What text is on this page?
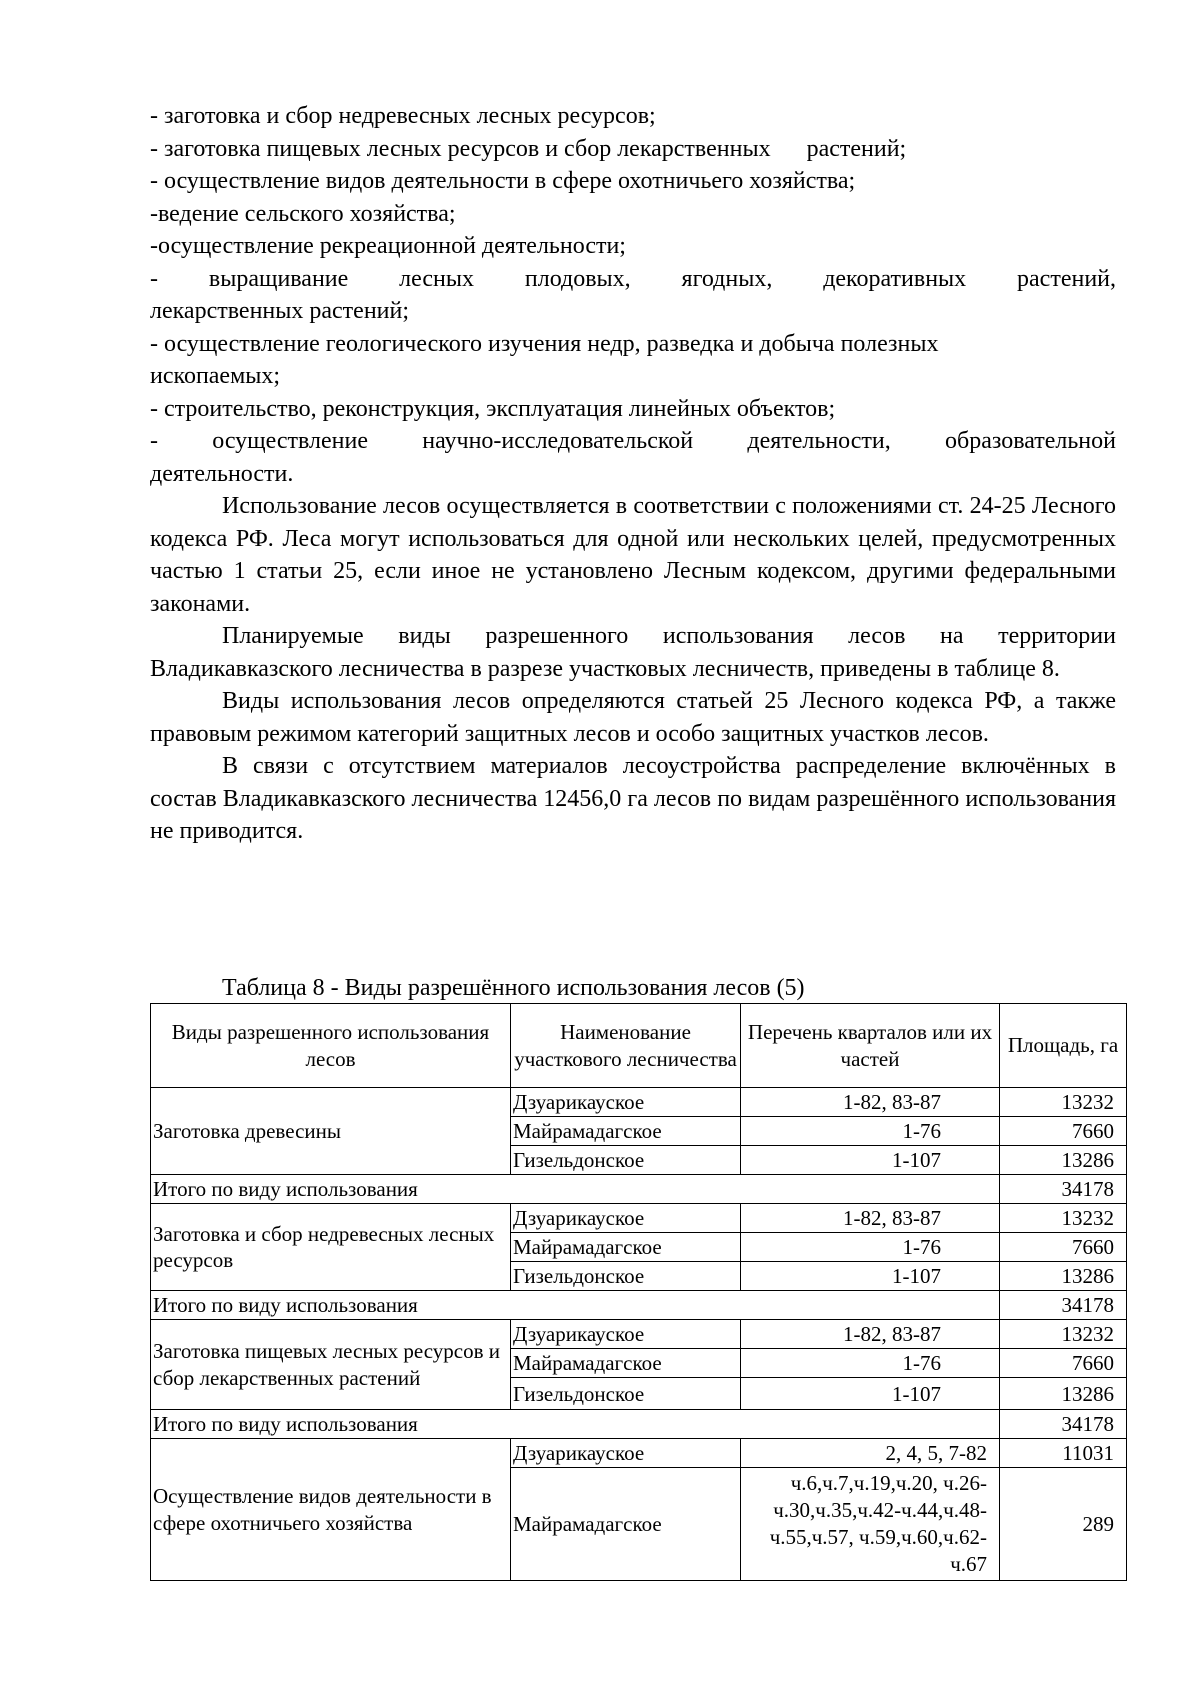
- заготовка и сбор недревесных лесных ресурсов;

- заготовка пищевых лесных ресурсов и сбор лекарственных      растений;

- осуществление видов деятельности в сфере охотничьего хозяйства;

-ведение сельского хозяйства;

-осуществление рекреационной деятельности;

- выращивание лесных плодовых, ягодных, декоративных растений,

лекарственных растений;

- осуществление геологического изучения недр, разведка и добыча полезных

ископаемых;

- строительство, реконструкция, эксплуатация линейных объектов;

- осуществление научно-исследовательской деятельности, образовательной

деятельности.

Использование лесов осуществляется в соответствии с положениями ст. 24-25 Лесного кодекса РФ. Леса могут использоваться для одной или нескольких целей, предусмотренных частью 1 статьи 25, если иное не установлено Лесным кодексом, другими федеральными законами.

Планируемые виды разрешенного использования лесов на территории Владикавказского лесничества в разрезе участковых лесничеств, приведены в таблице 8.

Виды использования лесов определяются статьей 25 Лесного кодекса РФ, а также правовым режимом категорий защитных лесов и особо защитных участков лесов.

В связи с отсутствием материалов лесоустройства распределение включённых в состав Владикавказского лесничества 12456,0 га лесов по видам разрешённого использования не приводится.

Таблица 8 - Виды разрешённого использования лесов (5)

Виды разрешенного использования лесов	Наименование участкового лесничества	Перечень кварталов или их частей	Площадь, га
Заготовка древесины	Дзуарикауское	1-82, 83-87	13232
	Майрамадагское	1-76	7660
	Гизельдонское	1-107	13286
Итого по виду использования			34178
Заготовка и сбор недревесных лесных ресурсов	Дзуарикауское	1-82, 83-87	13232
	Майрамадагское	1-76	7660
	Гизельдонское	1-107	13286
Итого по виду использования			34178
Заготовка пищевых лесных ресурсов и сбор лекарственных растений	Дзуарикауское	1-82, 83-87	13232
	Майрамадагское	1-76	7660
	Гизельдонское	1-107	13286
Итого по виду использования			34178
Осуществление видов деятельности в сфере охотничьего хозяйства	Дзуарикауское	2, 4, 5, 7-82	11031
	Майрамадагское	ч.6,ч.7,ч.19,ч.20, ч.26-ч.30,ч.35,ч.42-ч.44,ч.48-ч.55,ч.57, ч.59,ч.60,ч.62-ч.67	289
